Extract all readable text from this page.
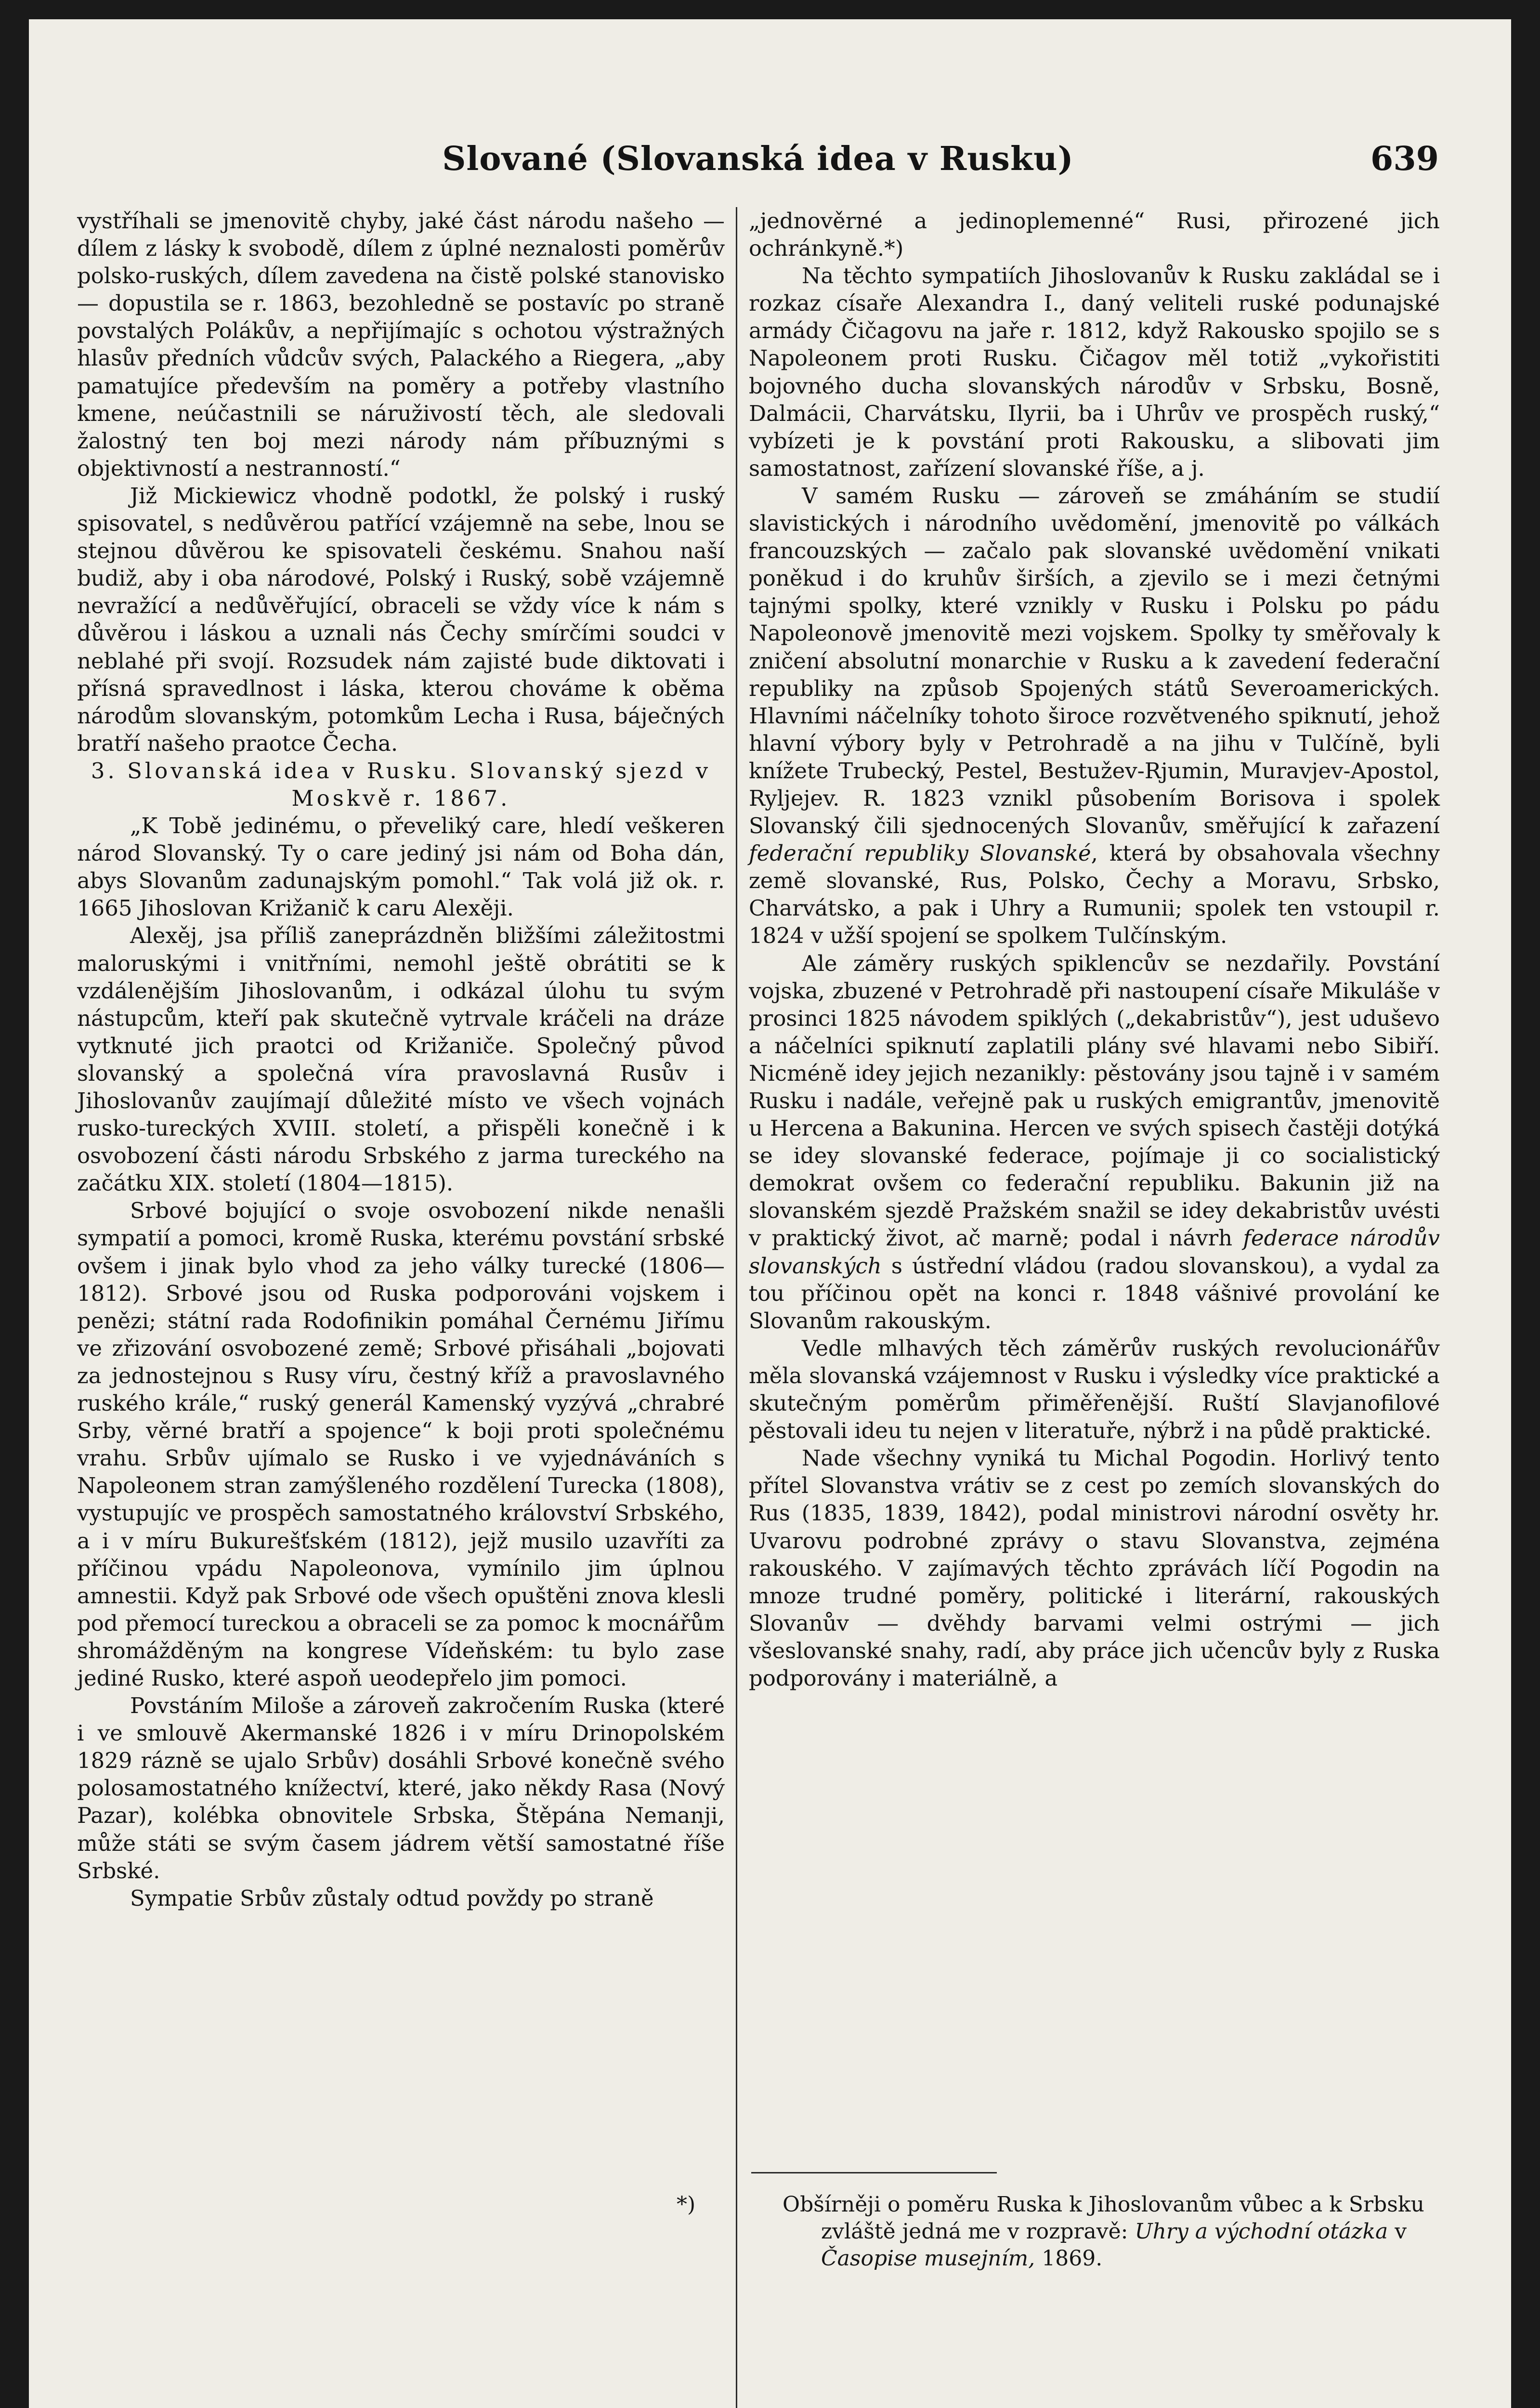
Slované (Slovanská idea v Rusku)	639

vystříhali se jmenovitě chyby, jaké část národu našeho — dílem z lásky k svobodě, dílem z úplné neznalosti poměrův polsko-ruských, dílem zavedena na čistě polské stanovisko — dopustila se r. 1863, bezohledně se postavíc po straně povstalých Polákův, a nepřijímajíc s ochotou výstražných hlasův předních vůdcův svých, Palackého a Riegera, „aby pamatujíce především na poměry a potřeby vlastního kmene, neúčastnili se náruživostí těch, ale sledovali žalostný ten boj mezi národy nám příbuznými s objektivností a nestranností.“

Již Mickiewicz vhodně podotkl, že polský i ruský spisovatel, s nedůvěrou patřící vzájemně na sebe, lnou se stejnou důvěrou ke spisovateli českému. Snahou naší budiž, aby i oba národové, Polský i Ruský, sobě vzájemně nevražící a nedůvěřující, obraceli se vždy více k nám s důvěrou i láskou a uznali nás Čechy smírčími soudci v neblahé při svojí. Rozsudek nám zajisté bude diktovati i přísná spravedlnost i láska, kterou chováme k oběma národům slovanským, potomkům Lecha i Rusa, báječných bratří našeho praotce Čecha.

3. Slovanská idea v Rusku. Slovanský sjezd v Moskvě r. 1867.

„K Tobě jedinému, o převeliký care, hledí veškeren národ Slovanský. Ty o care jediný jsi nám od Boha dán, abys Slovanům zadunajským pomohl.“ Tak volá již ok. r. 1665 Jihoslovan Križanič k caru Alexěji.

Alexěj, jsa příliš zaneprázdněn bližšími záležitostmi maloruskými i vnitřními, nemohl ještě obrátiti se k vzdálenějším Jihoslovanům, i odkázal úlohu tu svým nástupcům, kteří pak skutečně vytrvale kráčeli na dráze vytknuté jich praotci od Križaniče. Společný původ slovanský a společná víra pravoslavná Rusův i Jihoslovanův zaujímají důležité místo ve všech vojnách rusko-tureckých XVIII. století, a přispěli konečně i k osvobození části národu Srbského z jarma tureckého na začátku XIX. století (1804—1815).

Srbové bojující o svoje osvobození nikde nenašli sympatií a pomoci, kromě Ruska, kterému povstání srbské ovšem i jinak bylo vhod za jeho války turecké (1806—1812). Srbové jsou od Ruska podporováni vojskem i penězi; státní rada Rodofinikin pomáhal Černému Jiřímu ve zřizování osvobozené země; Srbové přisáhali „bojovati za jednostejnou s Rusy víru, čestný kříž a pravoslavného ruského krále,“ ruský generál Kamenský vyzývá „chrabré Srby, věrné bratří a spojence“ k boji proti společnému vrahu. Srbův ujímalo se Rusko i ve vyjednáváních s Napoleonem stran zamýšleného rozdělení Turecka (1808), vystupujíc ve prospěch samostatného království Srbského, a i v míru Bukurešťském (1812), jejž musilo uzavříti za příčinou vpádu Napoleonova, vymínilo jim úplnou amnestii. Když pak Srbové ode všech opuštěni znova klesli pod přemocí tureckou a obraceli se za pomoc k mocnářům shromážděným na kongrese Vídeňském: tu bylo zase jediné Rusko, které aspoň ueodepřelo jim pomoci.

Povstáním Miloše a zároveň zakročením Ruska (které i ve smlouvě Akermanské 1826 i v míru Drinopolském 1829 rázně se ujalo Srbův) dosáhli Srbové konečně svého polosamostatného knížectví, které, jako někdy Rasa (Nový Pazar), kolébka obnovitele Srbska, Štěpána Nemanji, může státi se svým časem jádrem větší samostatné říše Srbské.

Sympatie Srbův zůstaly odtud povždy po straně

„jednověrné a jedinoplemenné“ Rusi, přirozené jich ochránkyně.*)

Na těchto sympatiích Jihoslovanův k Rusku zakládal se i rozkaz císaře Alexandra I., daný veliteli ruské podunajské armády Čičagovu na jaře r. 1812, když Rakousko spojilo se s Napoleonem proti Rusku. Čičagov měl totiž „vykořistiti bojovného ducha slovanských národův v Srbsku, Bosně, Dalmácii, Charvátsku, Ilyrii, ba i Uhrův ve prospěch ruský,“ vybízeti je k povstání proti Rakousku, a slibovati jim samostatnost, zařízení slovanské říše, a j.

V samém Rusku — zároveň se zmáháním se studií slavistických i národního uvědomění, jmenovitě po válkách francouzských — začalo pak slovanské uvědomění vnikati poněkud i do kruhův širších, a zjevilo se i mezi četnými tajnými spolky, které vznikly v Rusku i Polsku po pádu Napoleonově jmenovitě mezi vojskem. Spolky ty směřovaly k zničení absolutní monarchie v Rusku a k zavedení federační republiky na způsob Spojených států Severoamerických. Hlavními náčelníky tohoto široce rozvětveného spiknutí, jehož hlavní výbory byly v Petrohradě a na jihu v Tulčíně, byli knížete Trubecký, Pestel, Bestužev-Rjumin, Muravjev-Apostol, Ryljejev. R. 1823 vznikl působením Borisova i spolek Slovanský čili sjednocených Slovanův, směřující k zařazení federační republiky Slovanské, která by obsahovala všechny země slovanské, Rus, Polsko, Čechy a Moravu, Srbsko, Charvátsko, a pak i Uhry a Rumunii; spolek ten vstoupil r. 1824 v užší spojení se spolkem Tulčínským.

Ale záměry ruských spiklencův se nezdařily. Povstání vojska, zbuzené v Petrohradě při nastoupení císaře Mikuláše v prosinci 1825 návodem spiklých („dekabristův“), jest uduševo a náčelníci spiknutí zaplatili plány své hlavami nebo Sibiří. Nicméně idey jejich nezanikly: pěstovány jsou tajně i v samém Rusku i nadále, veřejně pak u ruských emigrantův, jmenovitě u Hercena a Bakunina. Hercen ve svých spisech častěji dotýká se idey slovanské federace, pojímaje ji co socialistický demokrat ovšem co federační republiku. Bakunin již na slovanském sjezdě Pražském snažil se idey dekabristův uvésti v praktický život, ač marně; podal i návrh federace národův slovanských s ústřední vládou (radou slovanskou), a vydal za tou příčinou opět na konci r. 1848 vášnivé provolání ke Slovanům rakouským.

Vedle mlhavých těch záměrův ruských revolucionářův měla slovanská vzájemnost v Rusku i výsledky více praktické a skutečným poměrům přiměřenější. Ruští Slavjanofilové pěstovali ideu tu nejen v literatuře, nýbrž i na půdě praktické.

Nade všechny vyniká tu Michal Pogodin. Horlivý tento přítel Slovanstva vrátiv se z cest po zemích slovanských do Rus (1835, 1839, 1842), podal ministrovi národní osvěty hr. Uvarovu podrobné zprávy o stavu Slovanstva, zejména rakouského. V zajímavých těchto zprávách líčí Pogodin na mnoze trudné poměry, politické i literární, rakouských Slovanův — dvěhdy barvami velmi ostrými — jich všeslovanské snahy, radí, aby práce jich učencův byly z Ruska podporovány i materiálně, a

*)	Obšírněji o poměru Ruska k Jihoslovanům vůbec a k Srbsku zvláště jedná me v rozpravě: Uhry a východní otázka v Časopise musejním, 1869.
